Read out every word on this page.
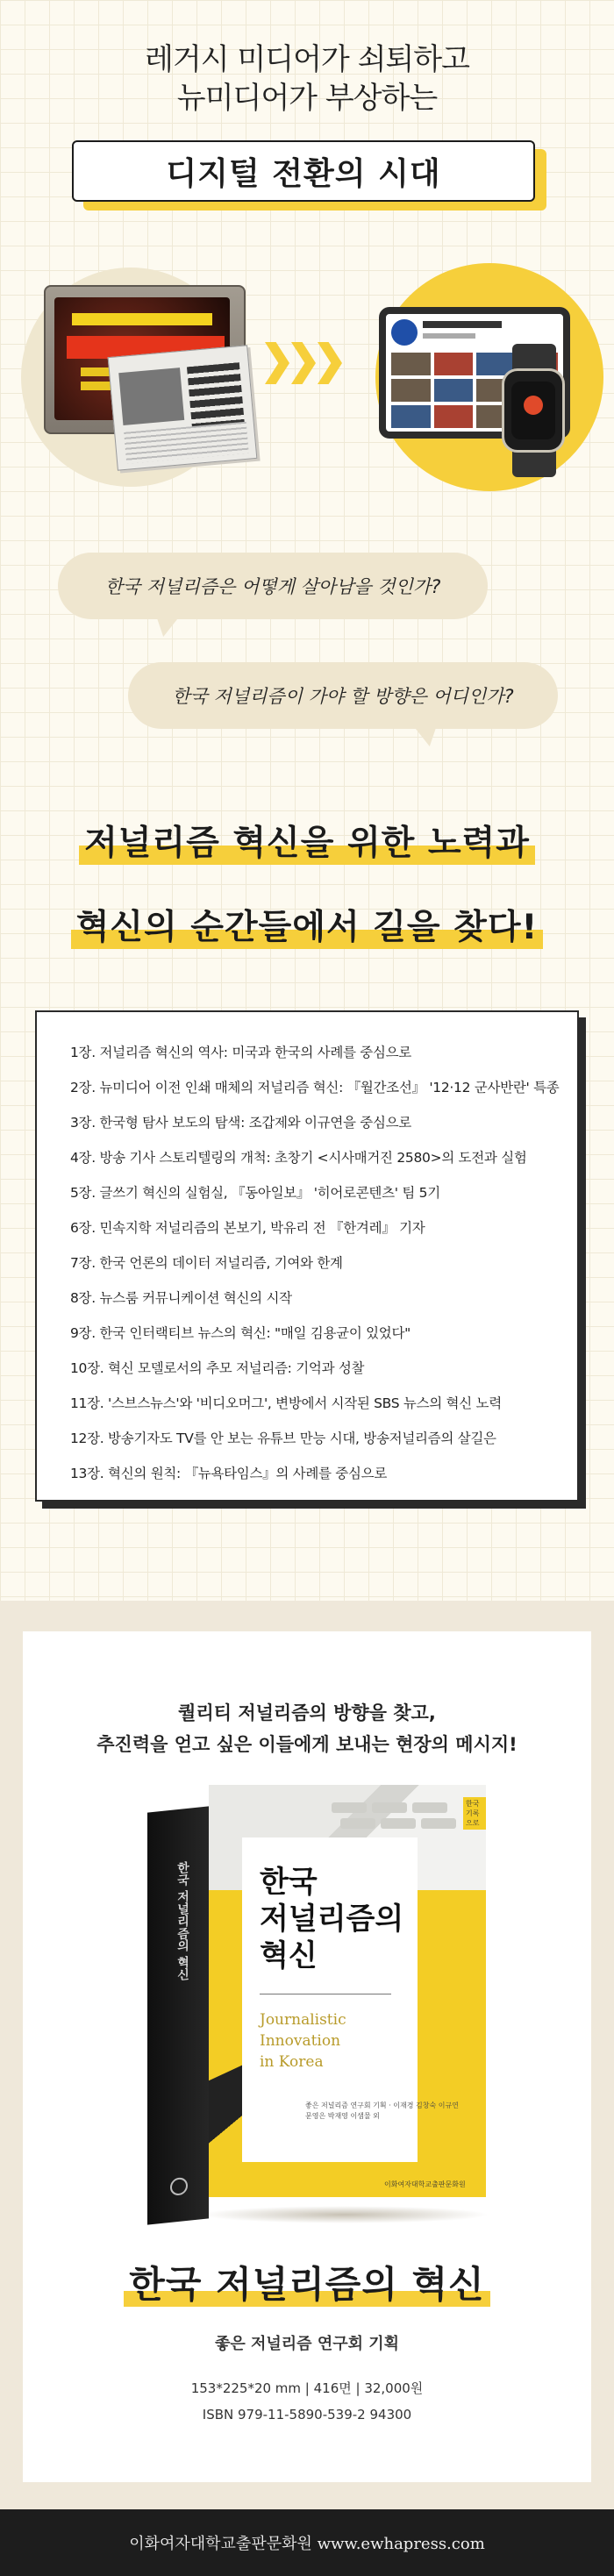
레거시 미디어가 쇠퇴하고
뉴미디어가 부상하는
디지털 전환의 시대
한국 저널리즘은 어떻게 살아남을 것인가?
한국 저널리즘이 가야 할 방향은 어디인가?
저널리즘 혁신을 위한 노력과
혁신의 순간들에서 길을 찾다!
1장. 저널리즘 혁신의 역사: 미국과 한국의 사례를 중심으로
2장. 뉴미디어 이전 인쇄 매체의 저널리즘 혁신: 『월간조선』 '12·12 군사반란' 특종
3장. 한국형 탐사 보도의 탐색: 조갑제와 이규연을 중심으로
4장. 방송 기사 스토리텔링의 개척: 초창기 <시사매거진 2580>의 도전과 실험
5장. 글쓰기 혁신의 실험실, 『동아일보』 '히어로콘텐츠' 팀 5기
6장. 민속지학 저널리즘의 본보기, 박유리 전 『한겨레』 기자
7장. 한국 언론의 데이터 저널리즘, 기여와 한계
8장. 뉴스룸 커뮤니케이션 혁신의 시작
9장. 한국 인터랙티브 뉴스의 혁신: "매일 김용균이 있었다"
10장. 혁신 모델로서의 추모 저널리즘: 기억과 성찰
11장. '스브스뉴스'와 '비디오머그', 변방에서 시작된 SBS 뉴스의 혁신 노력
12장. 방송기자도 TV를 안 보는 유튜브 만능 시대, 방송저널리즘의 살길은
13장. 혁신의 원칙: 『뉴욕타임스』의 사례를 중심으로
퀄리티 저널리즘의 방향을 찾고,
추진력을 얻고 싶은 이들에게 보내는 현장의 메시지!
한국 저널리즘의 혁신
한국 기록으로
한국
저널리즘의
혁신
Journalistic
Innovation
in Korea
좋은 저널리즘 연구회 기획 · 이재경 김창숙 이규연 문영은 박재영 이샘물 외
이화여자대학교출판문화원
한국 저널리즘의 혁신
좋은 저널리즘 연구회 기획
153*225*20 mm | 416면 | 32,000원
ISBN 979-11-5890-539-2 94300
이화여자대학교출판문화원 www.ewhapress.com
